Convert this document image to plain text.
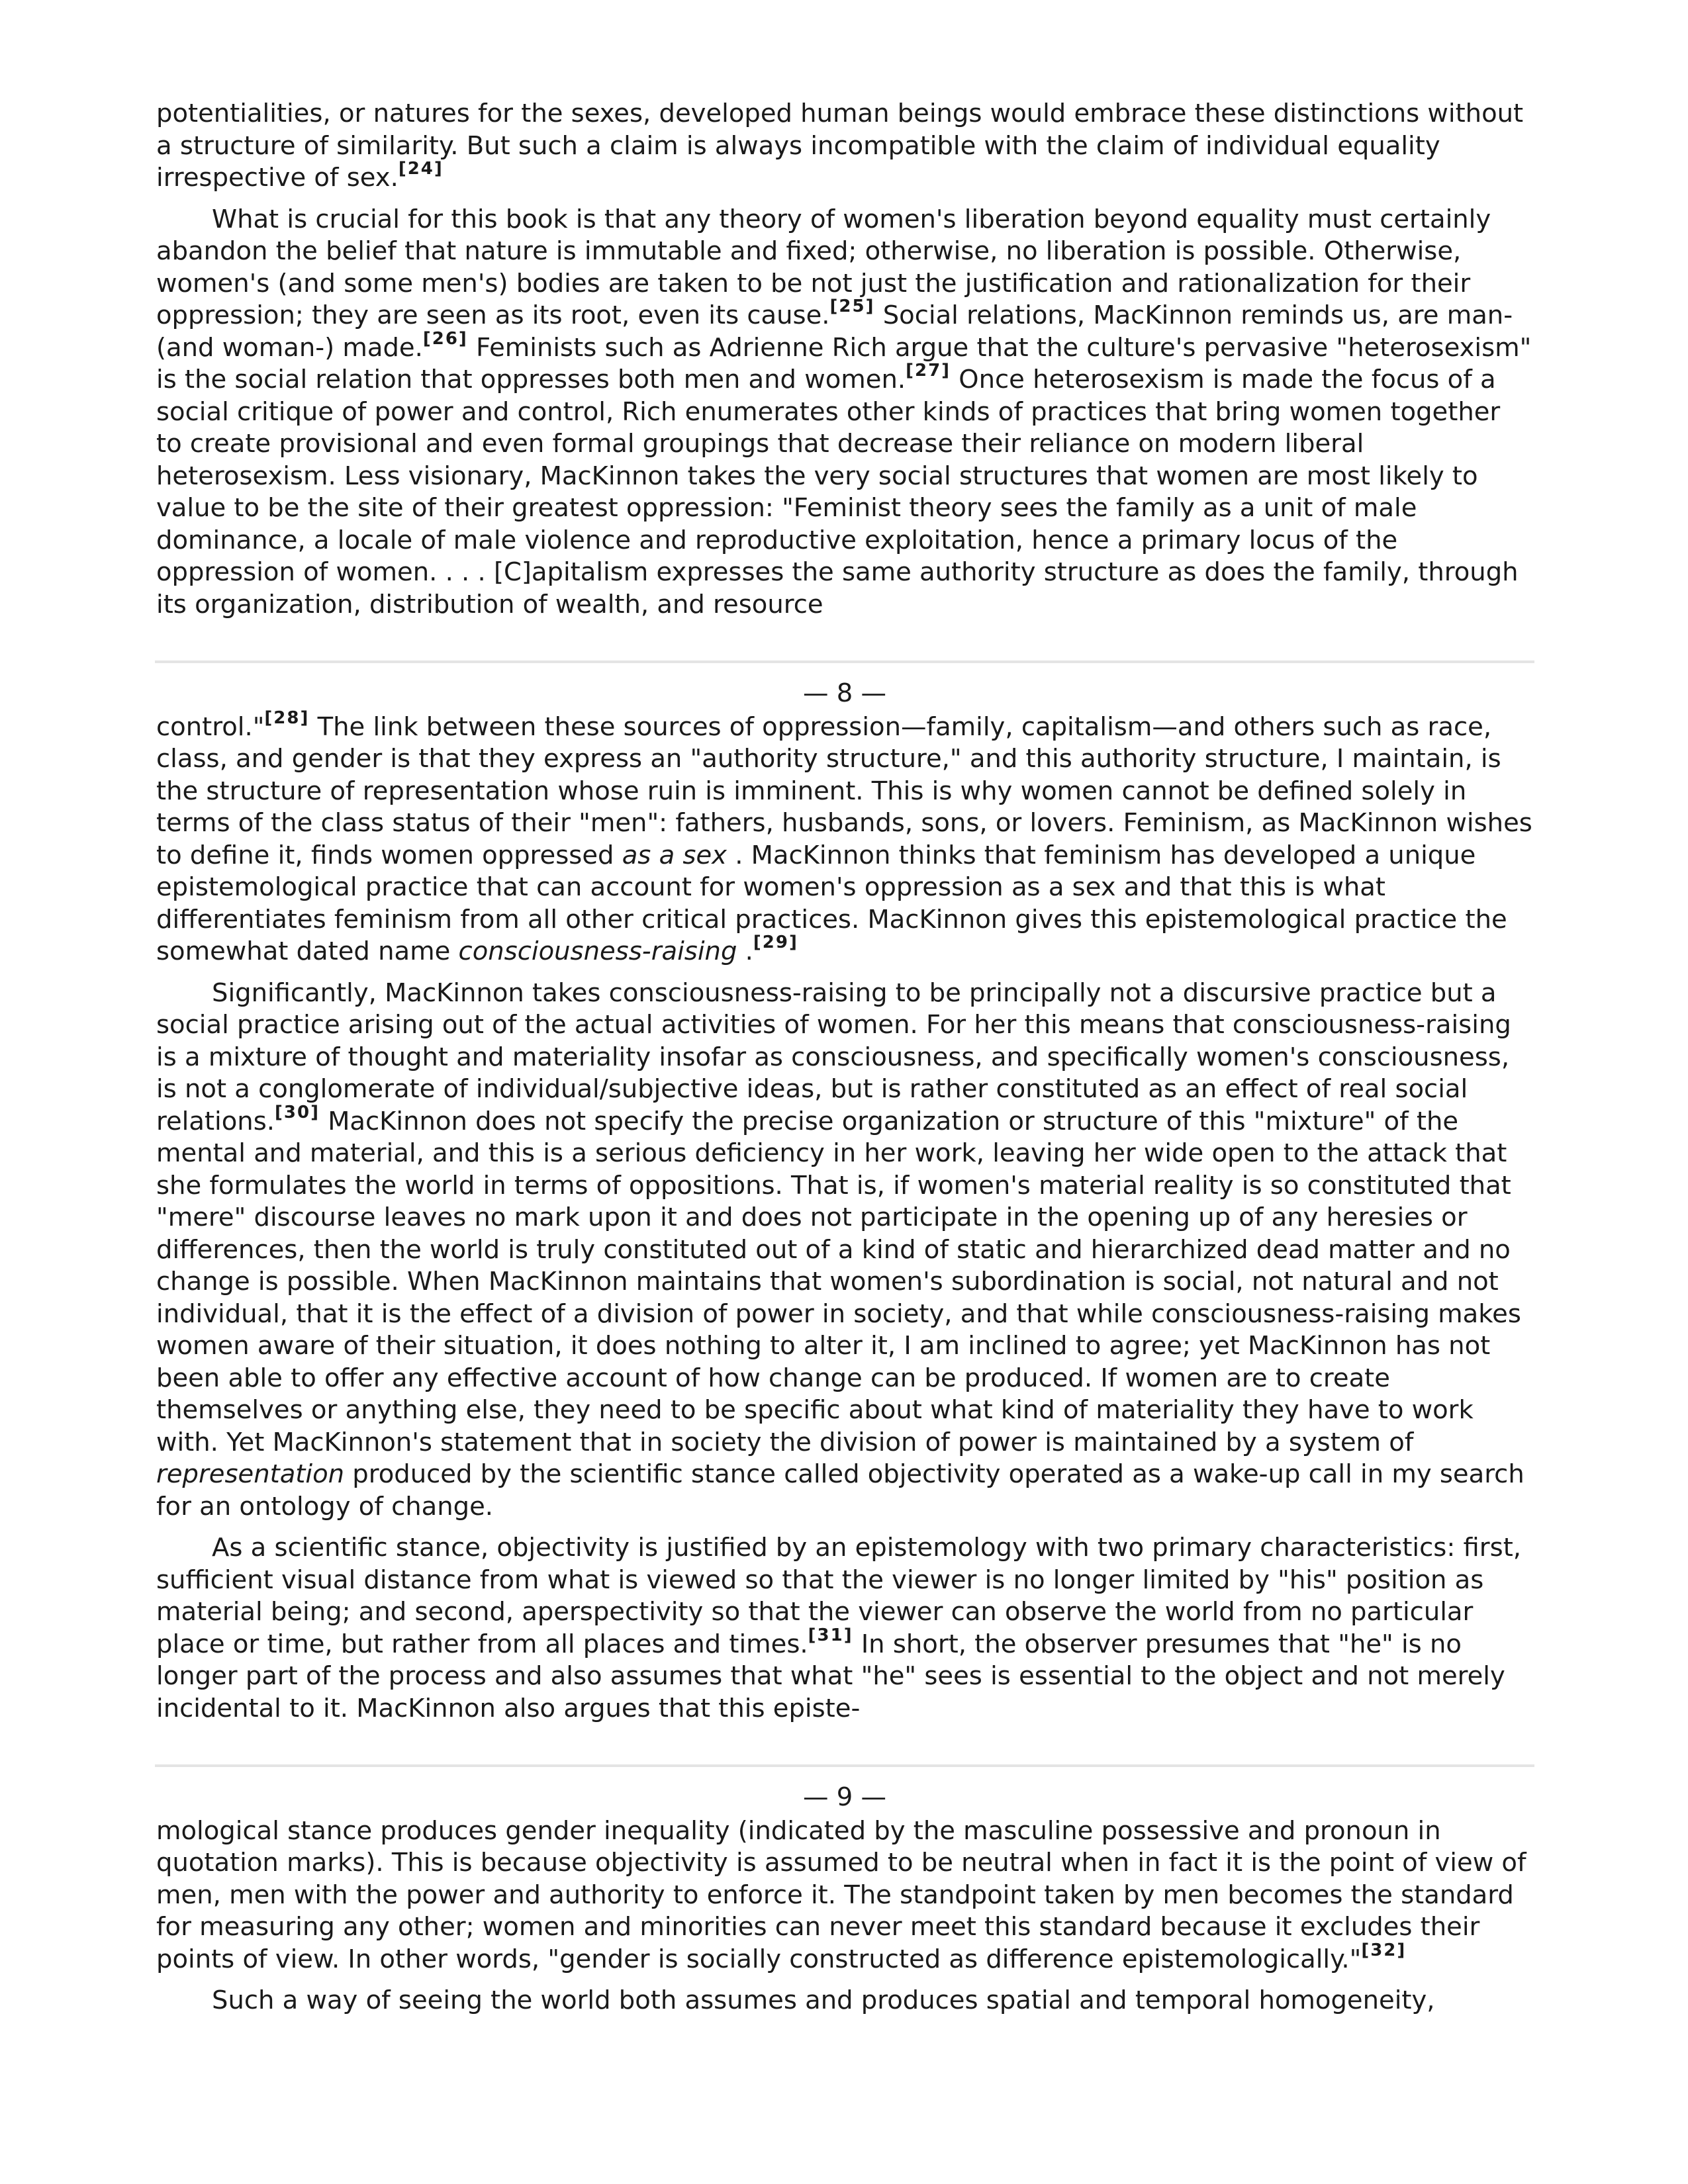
potentialities, or natures for the sexes, developed human beings would embrace these distinctions without a structure of similarity. But such a claim is always incompatible with the claim of individual equality irrespective of sex.[24]

What is crucial for this book is that any theory of women's liberation beyond equality must certainly abandon the belief that nature is immutable and fixed; otherwise, no liberation is possible. Otherwise, women's (and some men's) bodies are taken to be not just the justification and rationalization for their oppression; they are seen as its root, even its cause.[25] Social relations, MacKinnon reminds us, are man- (and woman-) made.[26] Feminists such as Adrienne Rich argue that the culture's pervasive "heterosexism" is the social relation that oppresses both men and women.[27] Once heterosexism is made the focus of a social critique of power and control, Rich enumerates other kinds of practices that bring women together to create provisional and even formal groupings that decrease their reliance on modern liberal heterosexism. Less visionary, MacKinnon takes the very social structures that women are most likely to value to be the site of their greatest oppression: "Feminist theory sees the family as a unit of male dominance, a locale of male violence and reproductive exploitation, hence a primary locus of the oppression of women. . . . [C]apitalism expresses the same authority structure as does the family, through its organization, distribution of wealth, and resource

— 8 —

control."[28] The link between these sources of oppression—family, capitalism—and others such as race, class, and gender is that they express an "authority structure," and this authority structure, I maintain, is the structure of representation whose ruin is imminent. This is why women cannot be defined solely in terms of the class status of their "men": fathers, husbands, sons, or lovers. Feminism, as MacKinnon wishes to define it, finds women oppressed as a sex . MacKinnon thinks that feminism has developed a unique epistemological practice that can account for women's oppression as a sex and that this is what differentiates feminism from all other critical practices. MacKinnon gives this epistemological practice the somewhat dated name consciousness-raising .[29]

Significantly, MacKinnon takes consciousness-raising to be principally not a discursive practice but a social practice arising out of the actual activities of women. For her this means that consciousness-raising is a mixture of thought and materiality insofar as consciousness, and specifically women's consciousness, is not a conglomerate of individual/subjective ideas, but is rather constituted as an effect of real social relations.[30] MacKinnon does not specify the precise organization or structure of this "mixture" of the mental and material, and this is a serious deficiency in her work, leaving her wide open to the attack that she formulates the world in terms of oppositions. That is, if women's material reality is so constituted that "mere" discourse leaves no mark upon it and does not participate in the opening up of any heresies or differences, then the world is truly constituted out of a kind of static and hierarchized dead matter and no change is possible. When MacKinnon maintains that women's subordination is social, not natural and not individual, that it is the effect of a division of power in society, and that while consciousness-raising makes women aware of their situation, it does nothing to alter it, I am inclined to agree; yet MacKinnon has not been able to offer any effective account of how change can be produced. If women are to create themselves or anything else, they need to be specific about what kind of materiality they have to work with. Yet MacKinnon's statement that in society the division of power is maintained by a system of representation produced by the scientific stance called objectivity operated as a wake-up call in my search for an ontology of change.

As a scientific stance, objectivity is justified by an epistemology with two primary characteristics: first, sufficient visual distance from what is viewed so that the viewer is no longer limited by "his" position as material being; and second, aperspectivity so that the viewer can observe the world from no particular place or time, but rather from all places and times.[31] In short, the observer presumes that "he" is no longer part of the process and also assumes that what "he" sees is essential to the object and not merely incidental to it. MacKinnon also argues that this episte-

— 9 —

mological stance produces gender inequality (indicated by the masculine possessive and pronoun in quotation marks). This is because objectivity is assumed to be neutral when in fact it is the point of view of men, men with the power and authority to enforce it. The standpoint taken by men becomes the standard for measuring any other; women and minorities can never meet this standard because it excludes their points of view. In other words, "gender is socially constructed as difference epistemologically."[32]

Such a way of seeing the world both assumes and produces spatial and temporal homogeneity,
